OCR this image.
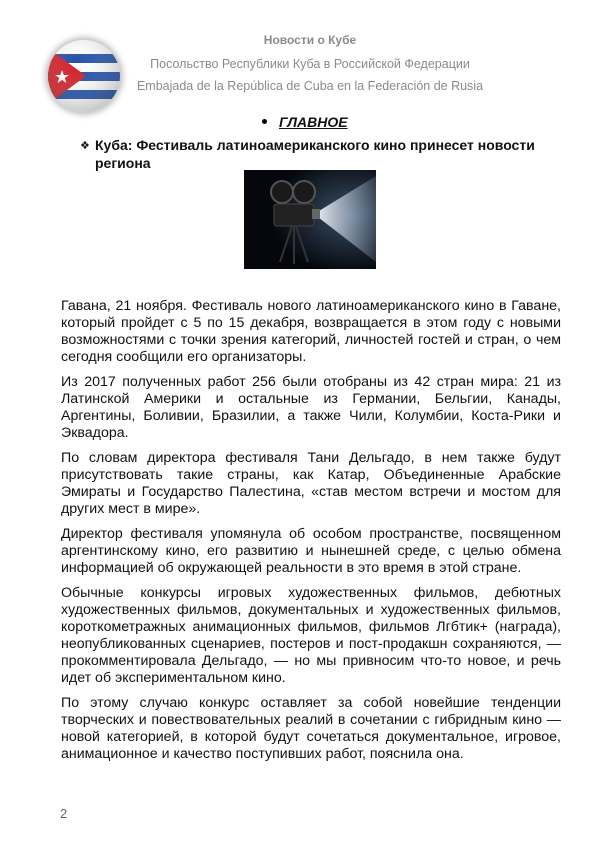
Новости о Кубе
Посольство Республики Куба в Российской Федерации
Embajada de la República de Cuba en la Federación de Rusia
ГЛАВНОЕ
❖ Куба: Фестиваль латиноамериканского кино принесет новости региона

Гавана, 21 ноября. Фестиваль нового латиноамериканского кино в Гаване, который пройдет с 5 по 15 декабря, возвращается в этом году с новыми возможностями с точки зрения категорий, личностей гостей и стран, о чем сегодня сообщили его организаторы.

Из 2017 полученных работ 256 были отобраны из 42 стран мира: 21 из Латинской Америки и остальные из Германии, Бельгии, Канады, Аргентины, Боливии, Бразилии, а также Чили, Колумбии, Коста-Рики и Эквадора.

По словам директора фестиваля Тани Дельгадо, в нем также будут присутствовать такие страны, как Катар, Объединенные Арабские Эмираты и Государство Палестина, «став местом встречи и мостом для других мест в мире».

Директор фестиваля упомянула об особом пространстве, посвященном аргентинскому кино, его развитию и нынешней среде, с целью обмена информацией об окружающей реальности в это время в этой стране.

Обычные конкурсы игровых художественных фильмов, дебютных художественных фильмов, документальных и художественных фильмов, короткометражных анимационных фильмов, фильмов Лгбтик+ (награда), неопубликованных сценариев, постеров и пост-продакшн сохраняются, — прокомментировала Дельгадо, — но мы привносим что-то новое, и речь идет об экспериментальном кино.

По этому случаю конкурс оставляет за собой новейшие тенденции творческих и повествовательных реалий в сочетании с гибридным кино — новой категорией, в которой будут сочетаться документальное, игровое, анимационное и качество поступивших работ, пояснила она.

2
